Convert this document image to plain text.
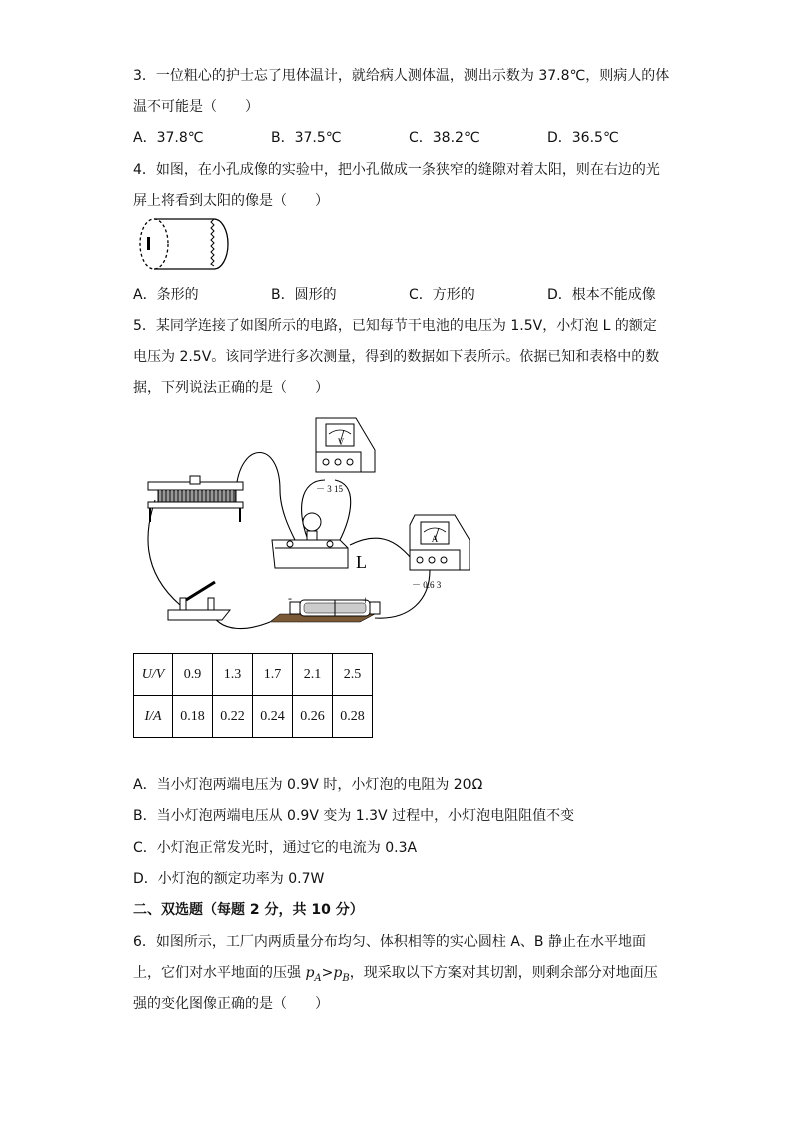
3．一位粗心的护士忘了甩体温计，就给病人测体温，测出示数为 37.8℃，则病人的体
温不可能是（　　）
A．37.8℃	B．37.5℃	C．38.2℃	D．36.5℃
4．如图，在小孔成像的实验中，把小孔做成一条狭窄的缝隙对着太阳，则在右边的光
屏上将看到太阳的像是（　　）
A．条形的	B．圆形的	C．方形的	D．根本不能成像
5．某同学连接了如图所示的电路，已知每节干电池的电压为 1.5V，小灯泡 L 的额定
电压为 2.5V。该同学进行多次测量，得到的数据如下表所示。依据已知和表格中的数
据，下列说法正确的是（　　）
V
－ 3 15
L
A
－ 0.6 3
-	+
U/V	0.9	1.3	1.7	2.1	2.5
I/A	0.18	0.22	0.24	0.26	0.28
A．当小灯泡两端电压为 0.9V 时，小灯泡的电阻为 20Ω
B．当小灯泡两端电压从 0.9V 变为 1.3V 过程中，小灯泡电阻阻值不变
C．小灯泡正常发光时，通过它的电流为 0.3A
D．小灯泡的额定功率为 0.7W
二、双选题（每题 2 分，共 10 分）
6．如图所示，工厂内两质量分布均匀、体积相等的实心圆柱 A、B 静止在水平地面
上，它们对水平地面的压强 $p_A>p_B$，现采取以下方案对其切割，则剩余部分对地面压
强的变化图像正确的是（　　）
